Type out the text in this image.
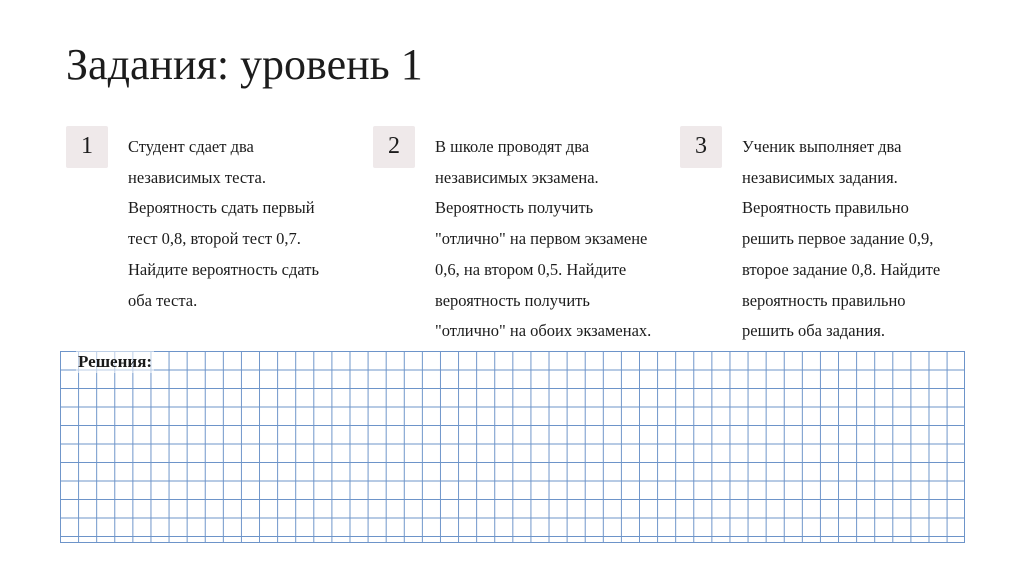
Задания: уровень 1
1	Студент сдает два
независимых теста.
Вероятность сдать первый
тест 0,8, второй тест 0,7.
Найдите вероятность сдать
оба теста.

2	В школе проводят два
независимых экзамена.
Вероятность получить
"отлично" на первом экзамене
0,6, на втором 0,5. Найдите
вероятность получить
"отлично" на обоих экзаменах.

3	Ученик выполняет два
независимых задания.
Вероятность правильно
решить первое задание 0,9,
второе задание 0,8. Найдите
вероятность правильно
решить оба задания.

Решения:
